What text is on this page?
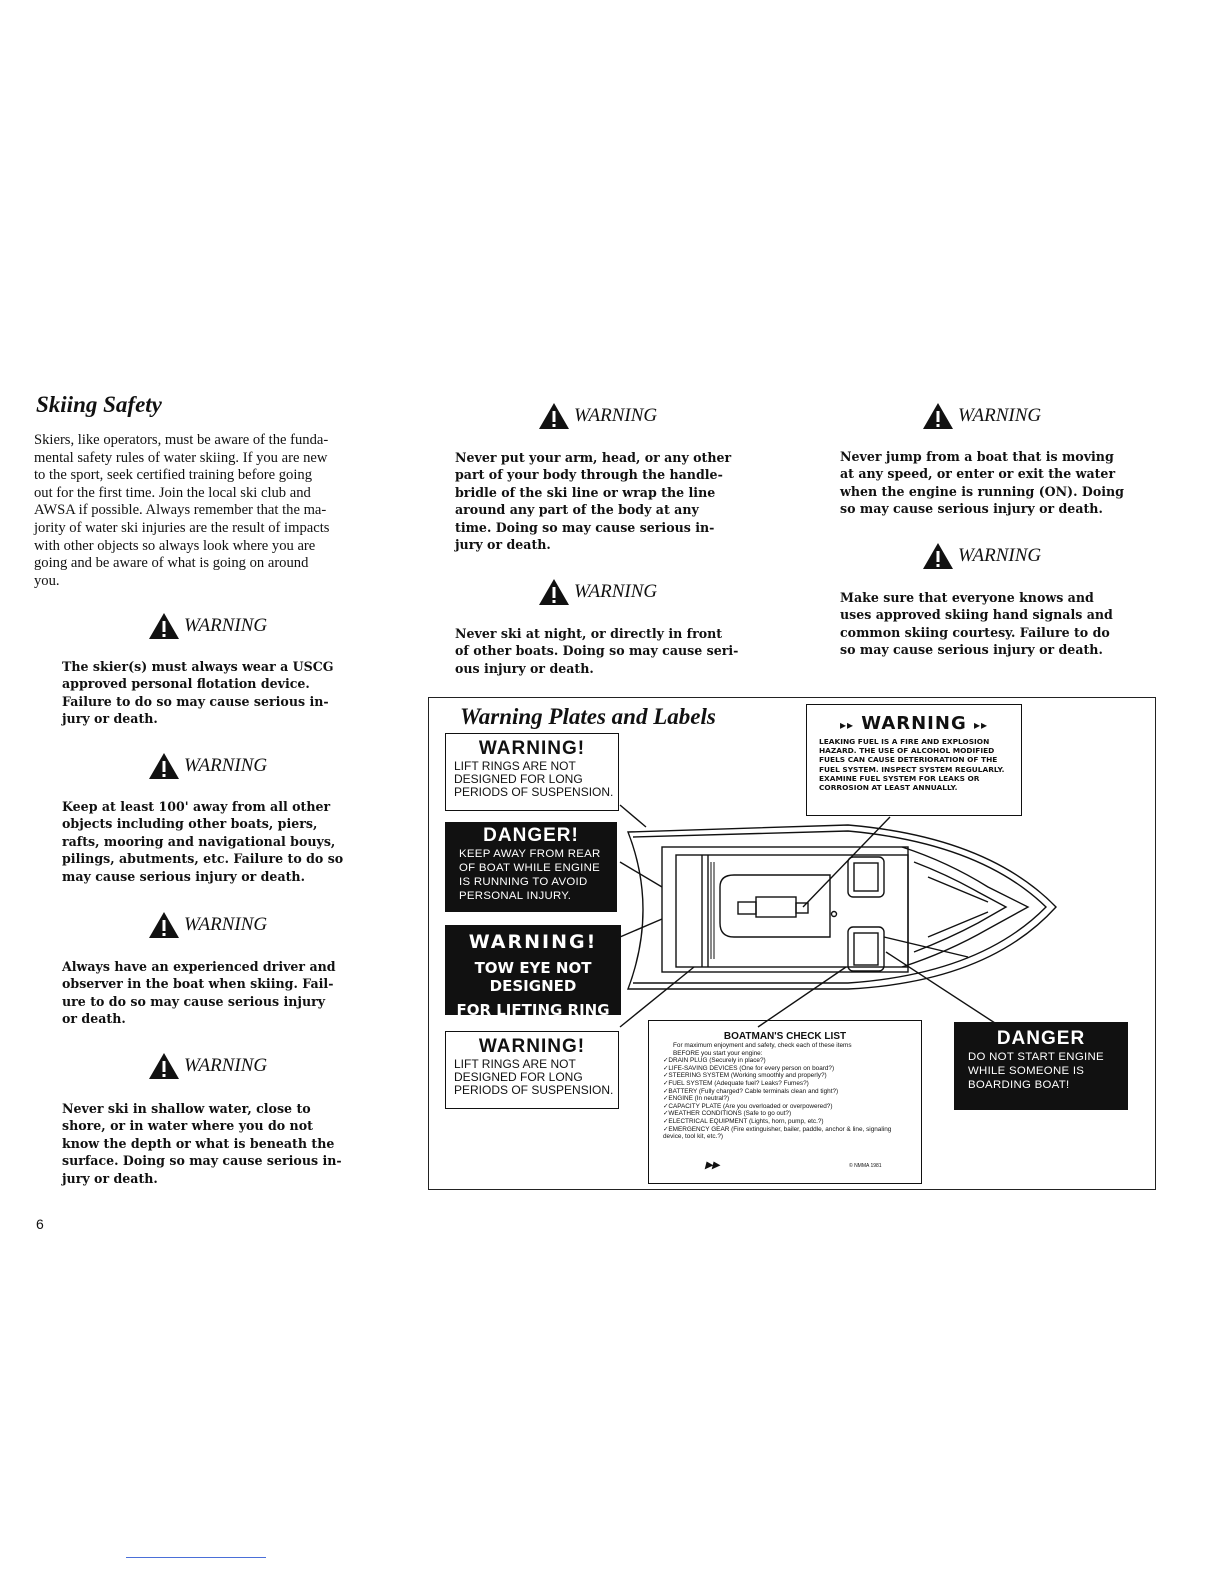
Skiing Safety
Skiers, like operators, must be aware of the funda-
mental safety rules of water skiing. If you are new
to the sport, seek certified training before going
out for the first time. Join the local ski club and
AWSA if possible. Always remember that the ma-
jority of water ski injuries are the result of impacts
with other objects so always look where you are
going and be aware of what is going on around
you.
WARNING
The skier(s) must always wear a USCG
approved personal flotation device.
Failure to do so may cause serious in-
jury or death.
WARNING
Keep at least 100' away from all other
objects including other boats, piers,
rafts, mooring and navigational bouys,
pilings, abutments, etc. Failure to do so
may cause serious injury or death.
WARNING
Always have an experienced driver and
observer in the boat when skiing. Fail-
ure to do so may cause serious injury
or death.
WARNING
Never ski in shallow water, close to
shore, or in water where you do not
know the depth or what is beneath the
surface. Doing so may cause serious in-
jury or death.
WARNING
Never put your arm, head, or any other
part of your body through the handle-
bridle of the ski line or wrap the line
around any part of the body at any
time. Doing so may cause serious in-
jury or death.
WARNING
Never ski at night, or directly in front
of other boats. Doing so may cause seri-
ous injury or death.
WARNING
Never jump from a boat that is moving
at any speed, or enter or exit the water
when the engine is running (ON). Doing
so may cause serious injury or death.
WARNING
Make sure that everyone knows and
uses approved skiing hand signals and
common skiing courtesy. Failure to do
so may cause serious injury or death.
Warning Plates and Labels
WARNING!
LIFT RINGS ARE NOT
DESIGNED FOR LONG
PERIODS OF SUSPENSION.
DANGER!
KEEP AWAY FROM REAR
OF BOAT WHILE ENGINE
IS RUNNING TO AVOID
PERSONAL INJURY.
WARNING!
TOW EYE NOT DESIGNED
FOR LIFTING RING
WARNING!
LIFT RINGS ARE NOT
DESIGNED FOR LONG
PERIODS OF SUSPENSION.
▸▸ WARNING ▸▸
LEAKING FUEL IS A FIRE AND EXPLOSION
HAZARD. THE USE OF ALCOHOL MODIFIED
FUELS CAN CAUSE DETERIORATION OF THE
FUEL SYSTEM. INSPECT SYSTEM REGULARLY.
EXAMINE FUEL SYSTEM FOR LEAKS OR
CORROSION AT LEAST ANNUALLY.
BOATMAN'S CHECK LIST
For maximum enjoyment and safety, check each of these items
BEFORE you start your engine:
✓ DRAIN PLUG (Securely in place?)
✓ LIFE-SAVING DEVICES (One for every person on board?)
✓ STEERING SYSTEM (Working smoothly and properly?)
✓ FUEL SYSTEM (Adequate fuel? Leaks? Fumes?)
✓ BATTERY (Fully charged? Cable terminals clean and tight?)
✓ ENGINE (In neutral?)
✓ CAPACITY PLATE (Are you overloaded or overpowered?)
✓ WEATHER CONDITIONS (Safe to go out?)
✓ ELECTRICAL EQUIPMENT (Lights, horn, pump, etc.?)
✓ EMERGENCY GEAR (Fire extinguisher, bailer, paddle, anchor & line, signaling device, tool kit, etc.?)
▸▸	© NMMA 1981
DANGER
DO NOT START ENGINE
WHILE SOMEONE IS
BOARDING BOAT!
6
